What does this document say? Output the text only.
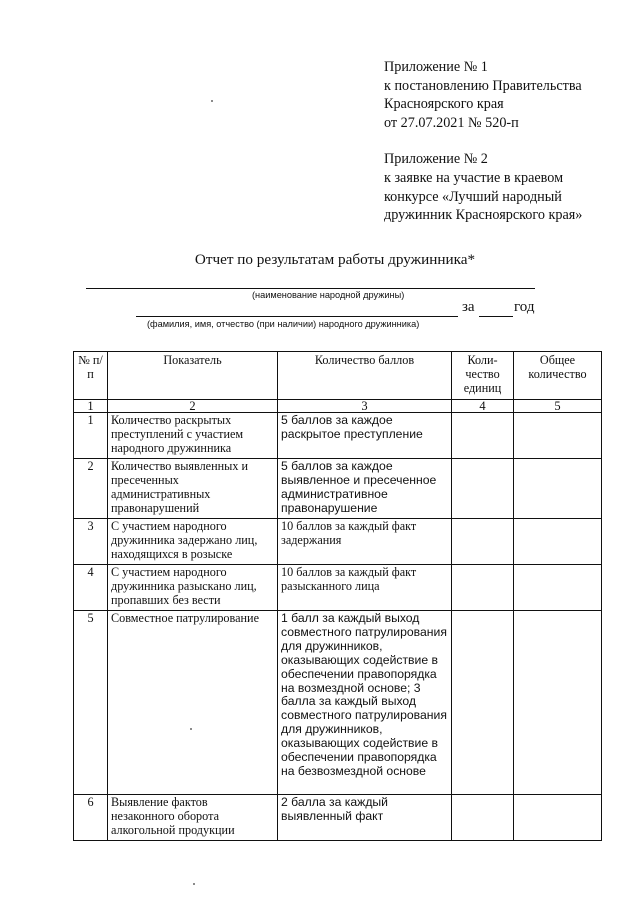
Приложение № 1
к постановлению Правительства
Красноярского края
от 27.07.2021 № 520-п
Приложение № 2
к заявке на участие в краевом
конкурсе «Лучший народный
дружинник Красноярского края»
Отчет по результатам работы дружинника*
(наименование народной дружины)
за	год
(фамилия, имя, отчество (при наличии) народного дружинника)
№ п/п	Показатель	Количество баллов	Коли-чество единиц	Общее количество
1	2	3	4	5
1	Количество раскрытых преступлений с участием народного дружинника	5 баллов за каждое раскрытое преступление		
2	Количество выявленных и пресеченных административных правонарушений	5 баллов за каждое выявленное и пресеченное административное правонарушение		
3	С участием народного дружинника задержано лиц, находящихся в розыске	10 баллов за каждый факт задержания		
4	С участием народного дружинника разыскано лиц, пропавших без вести	10 баллов за каждый факт разысканного лица		
5	Совместное патрулирование	1 балл за каждый выход совместного патрулирования для дружинников, оказывающих содействие в обеспечении правопорядка на возмездной основе; 3 балла за каждый выход совместного патрулирования для дружинников, оказывающих содействие в обеспечении правопорядка на безвозмездной основе		
6	Выявление фактов незаконного оборота алкогольной продукции	2 балла за каждый выявленный факт		
